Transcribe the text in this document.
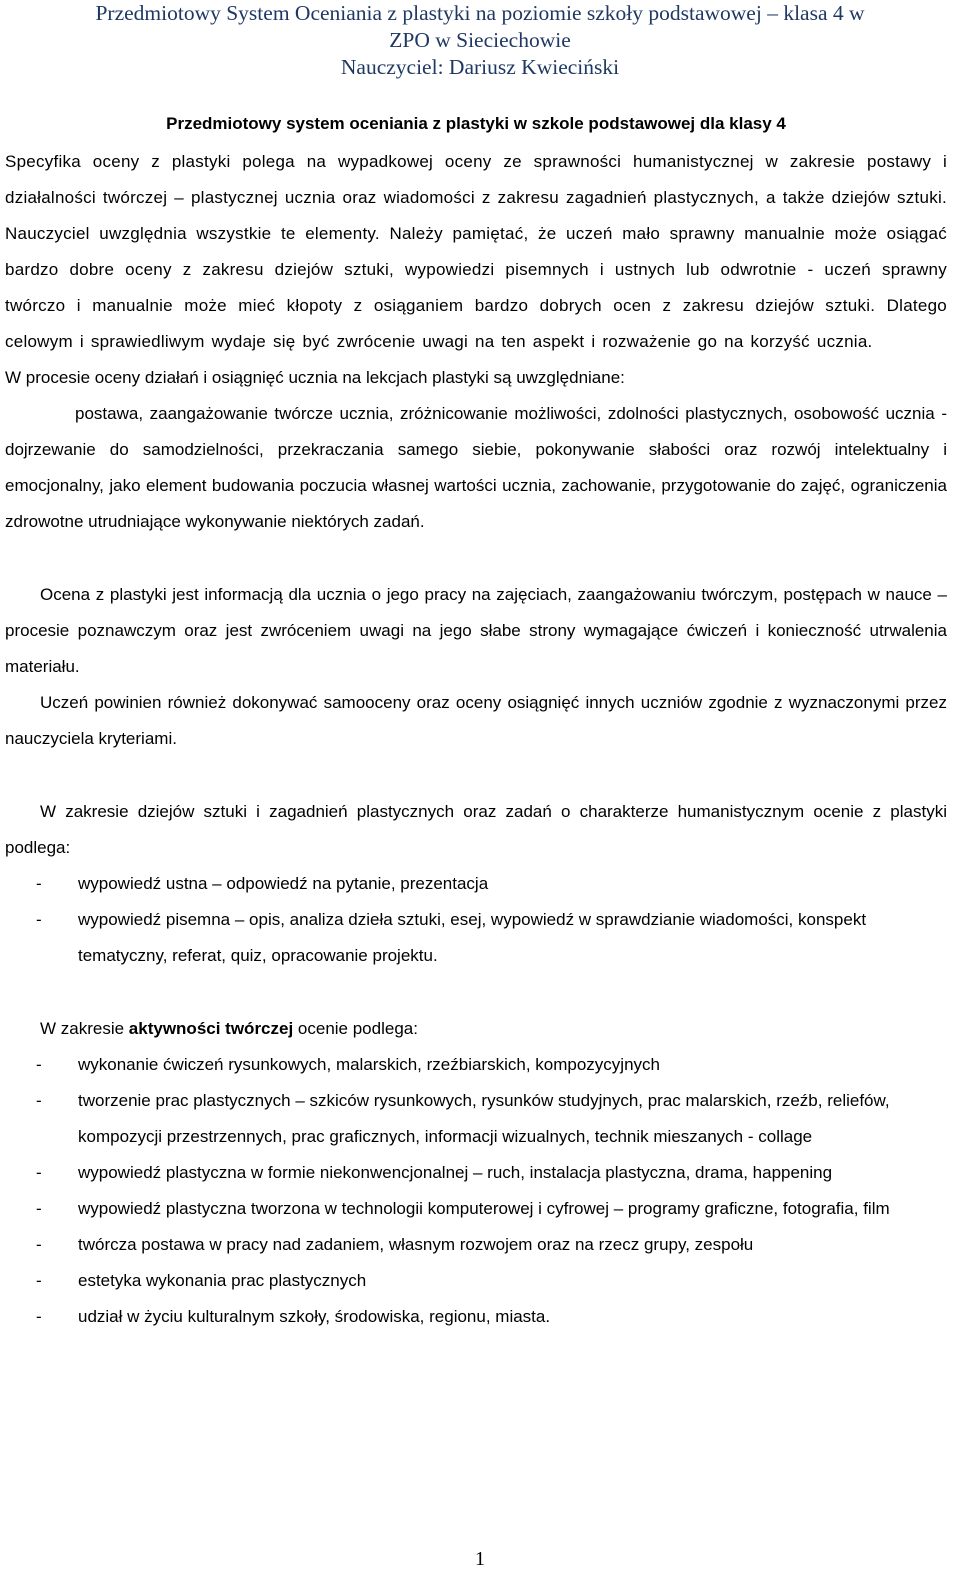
Przedmiotowy System Oceniania z plastyki na poziomie szkoły podstawowej – klasa 4 w
ZPO w Sieciechowie
Nauczyciel: Dariusz Kwieciński

Przedmiotowy system oceniania z plastyki w szkole podstawowej dla klasy 4

Specyfika oceny z plastyki polega na wypadkowej oceny ze sprawności humanistycznej w zakresie postawy i działalności twórczej – plastycznej ucznia oraz wiadomości z zakresu zagadnień plastycznych, a także dziejów sztuki. Nauczyciel uwzględnia wszystkie te elementy. Należy pamiętać, że uczeń mało sprawny manualnie może osiągać bardzo dobre oceny z zakresu dziejów sztuki, wypowiedzi pisemnych i ustnych lub odwrotnie - uczeń sprawny twórczo i manualnie może mieć kłopoty z osiąganiem bardzo dobrych ocen z zakresu dziejów sztuki. Dlatego celowym i sprawiedliwym wydaje się być zwrócenie uwagi na ten aspekt i rozważenie go na korzyść ucznia.

W procesie oceny działań i osiągnięć ucznia na lekcjach plastyki są uwzględniane:

postawa, zaangażowanie twórcze ucznia, zróżnicowanie możliwości, zdolności plastycznych, osobowość ucznia - dojrzewanie do samodzielności, przekraczania samego siebie, pokonywanie słabości oraz rozwój intelektualny i emocjonalny, jako element budowania poczucia własnej wartości ucznia, zachowanie, przygotowanie do zajęć, ograniczenia zdrowotne utrudniające wykonywanie niektórych zadań.

Ocena z plastyki jest informacją dla ucznia o jego pracy na zajęciach, zaangażowaniu twórczym, postępach w nauce – procesie poznawczym oraz jest zwróceniem uwagi na jego słabe strony wymagające ćwiczeń i konieczność utrwalenia materiału.

Uczeń powinien również dokonywać samooceny oraz oceny osiągnięć innych uczniów zgodnie z wyznaczonymi przez nauczyciela kryteriami.

W zakresie dziejów sztuki i zagadnień plastycznych oraz zadań o charakterze humanistycznym ocenie z plastyki podlega:

- wypowiedź ustna – odpowiedź na pytanie, prezentacja
- wypowiedź pisemna – opis, analiza dzieła sztuki, esej, wypowiedź w sprawdzianie wiadomości, konspekt tematyczny, referat, quiz, opracowanie projektu.

W zakresie aktywności twórczej ocenie podlega:

- wykonanie ćwiczeń rysunkowych, malarskich, rzeźbiarskich, kompozycyjnych
- tworzenie prac plastycznych – szkiców rysunkowych, rysunków studyjnych, prac malarskich, rzeźb, reliefów, kompozycji przestrzennych, prac graficznych, informacji wizualnych, technik mieszanych - collage
- wypowiedź plastyczna w formie niekonwencjonalnej – ruch, instalacja plastyczna, drama, happening
- wypowiedź plastyczna tworzona w technologii komputerowej i cyfrowej – programy graficzne, fotografia, film
- twórcza postawa w pracy nad zadaniem, własnym rozwojem oraz na rzecz grupy, zespołu
- estetyka wykonania prac plastycznych
- udział w życiu kulturalnym szkoły, środowiska, regionu, miasta.
1
